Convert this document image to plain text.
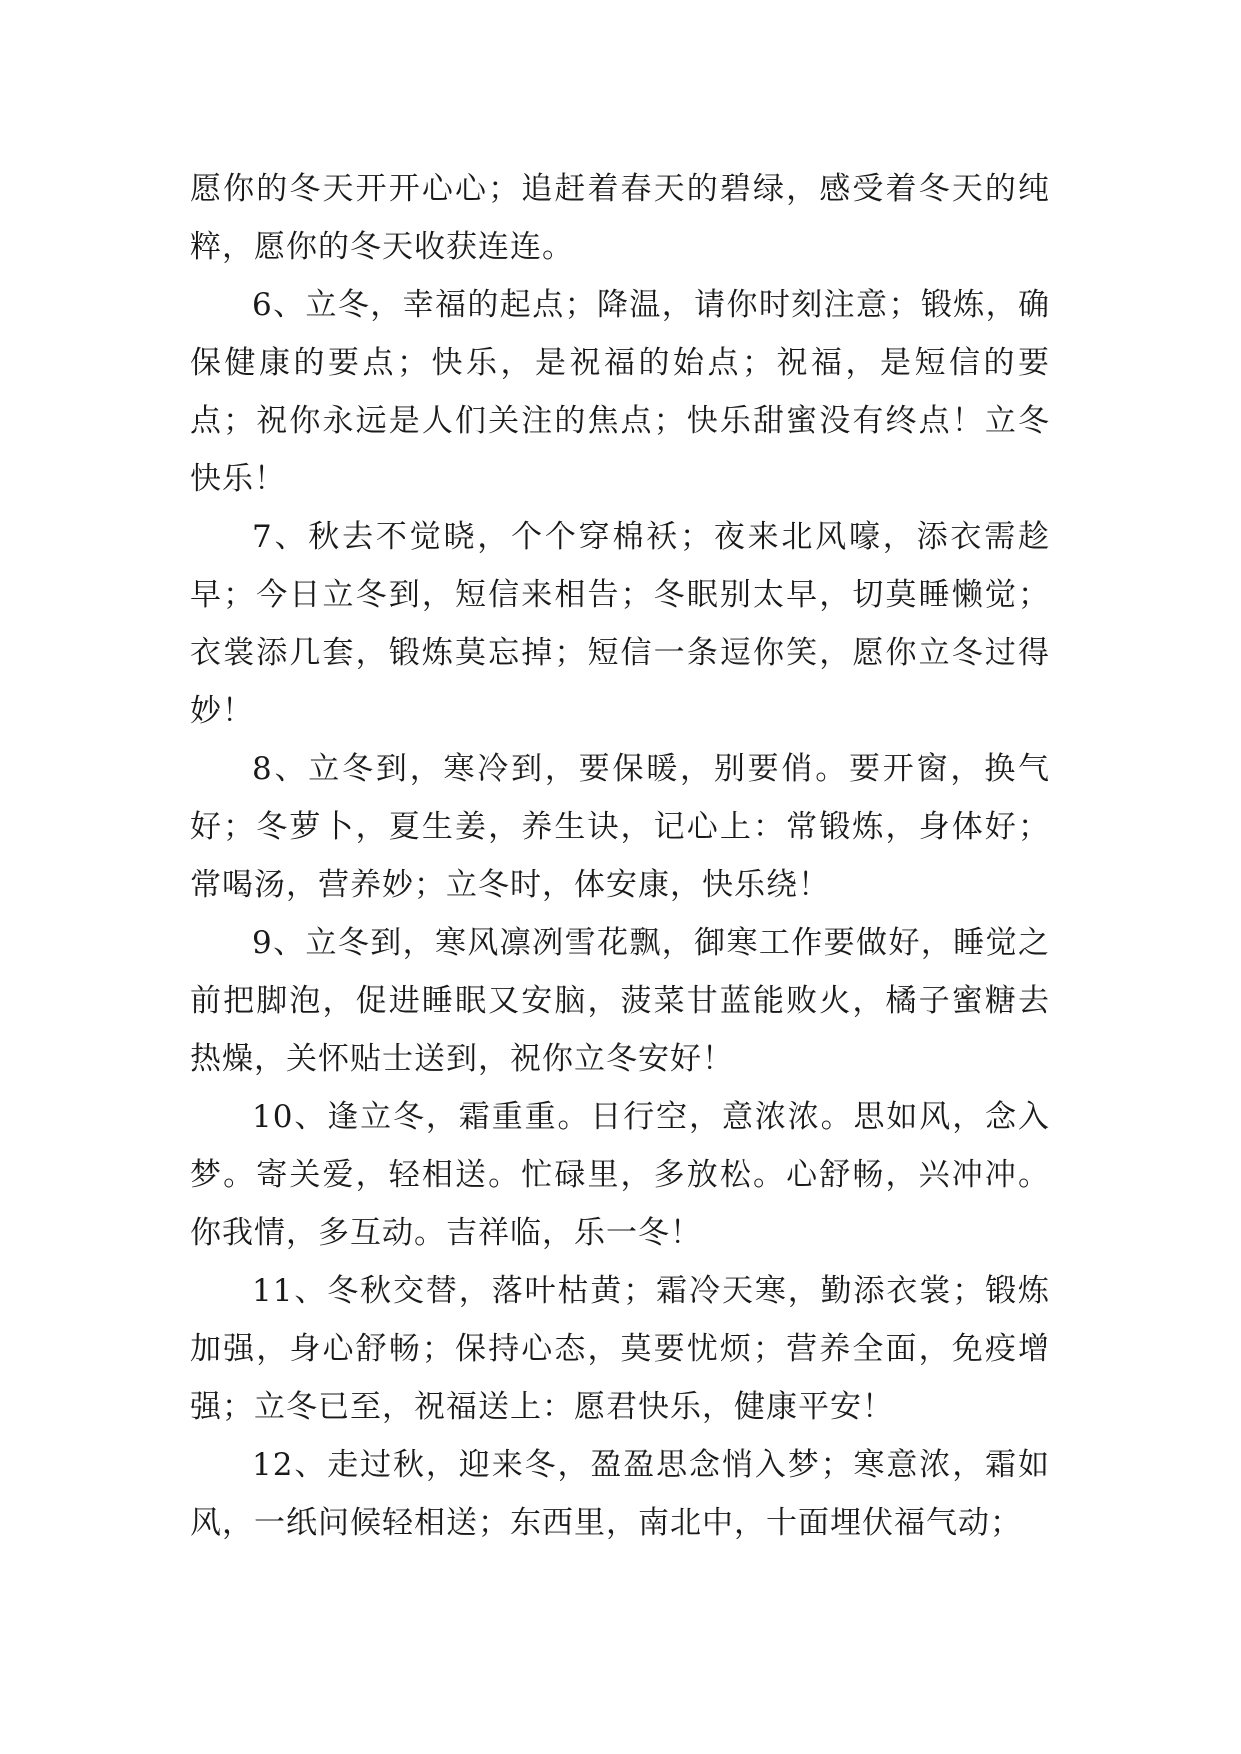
愿你的冬天开开心心；追赶着春天的碧绿，感受着冬天的纯粹，愿你的冬天收获连连。

6、立冬，幸福的起点；降温，请你时刻注意；锻炼，确保健康的要点；快乐，是祝福的始点；祝福，是短信的要点；祝你永远是人们关注的焦点；快乐甜蜜没有终点！立冬快乐！

7、秋去不觉晓，个个穿棉袄；夜来北风嚎，添衣需趁早；今日立冬到，短信来相告；冬眠别太早，切莫睡懒觉；衣裳添几套，锻炼莫忘掉；短信一条逗你笑，愿你立冬过得妙！

8、立冬到，寒冷到，要保暖，别要俏。要开窗，换气好；冬萝卜，夏生姜，养生诀，记心上：常锻炼，身体好；常喝汤，营养妙；立冬时，体安康，快乐绕！

9、立冬到，寒风凛冽雪花飘，御寒工作要做好，睡觉之前把脚泡，促进睡眠又安脑，菠菜甘蓝能败火，橘子蜜糖去热燥，关怀贴士送到，祝你立冬安好！

10、逢立冬，霜重重。日行空，意浓浓。思如风，念入梦。寄关爱，轻相送。忙碌里，多放松。心舒畅，兴冲冲。你我情，多互动。吉祥临，乐一冬！

11、冬秋交替，落叶枯黄；霜冷天寒，勤添衣裳；锻炼加强，身心舒畅；保持心态，莫要忧烦；营养全面，免疫增强；立冬已至，祝福送上：愿君快乐，健康平安！

12、走过秋，迎来冬，盈盈思念悄入梦；寒意浓，霜如风，一纸问候轻相送；东西里，南北中，十面埋伏福气动；
